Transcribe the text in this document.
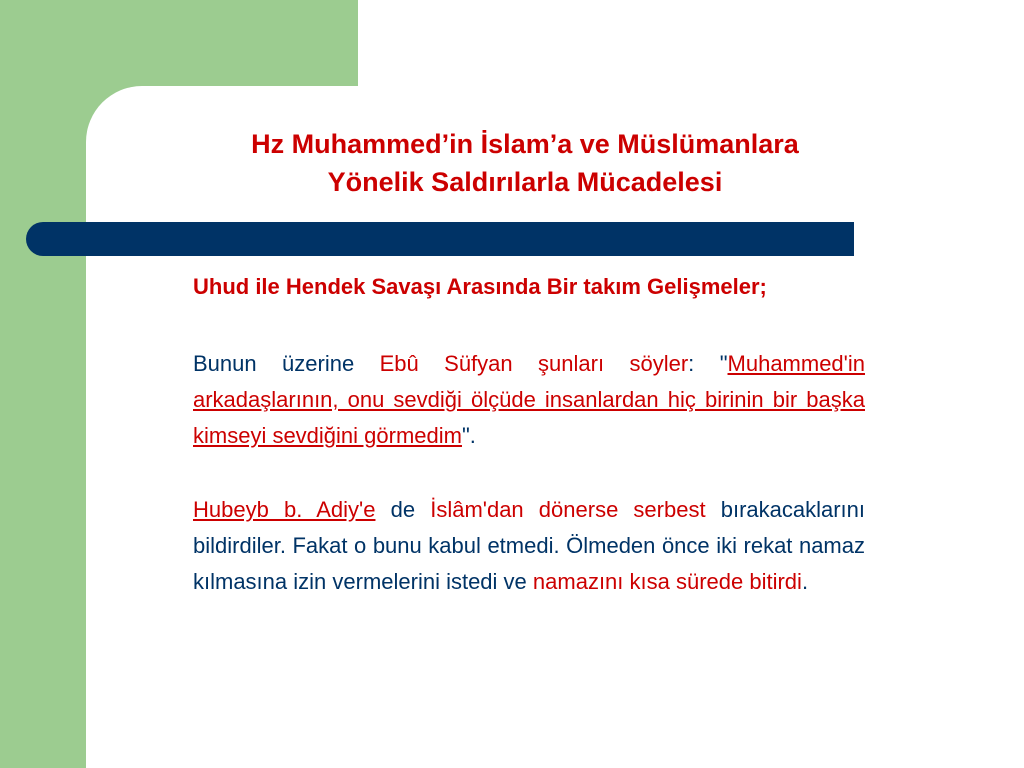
Hz Muhammed’in İslam’a ve Müslümanlara
Yönelik Saldırılarla Mücadelesi

Uhud ile Hendek Savaşı Arasında Bir takım Gelişmeler;

Bunun üzerine Ebû Süfyan şunları söyler: "Muhammed'in arkadaşlarının, onu sevdiği ölçüde insanlardan hiç birinin bir başka kimseyi sevdiğini görmedim".

Hubeyb b. Adiy'e de İslâm'dan dönerse serbest bırakacaklarını bildirdiler. Fakat o bunu kabul etmedi. Ölmeden önce iki rekat namaz kılmasına izin vermelerini istedi ve namazını kısa sürede bitirdi.
